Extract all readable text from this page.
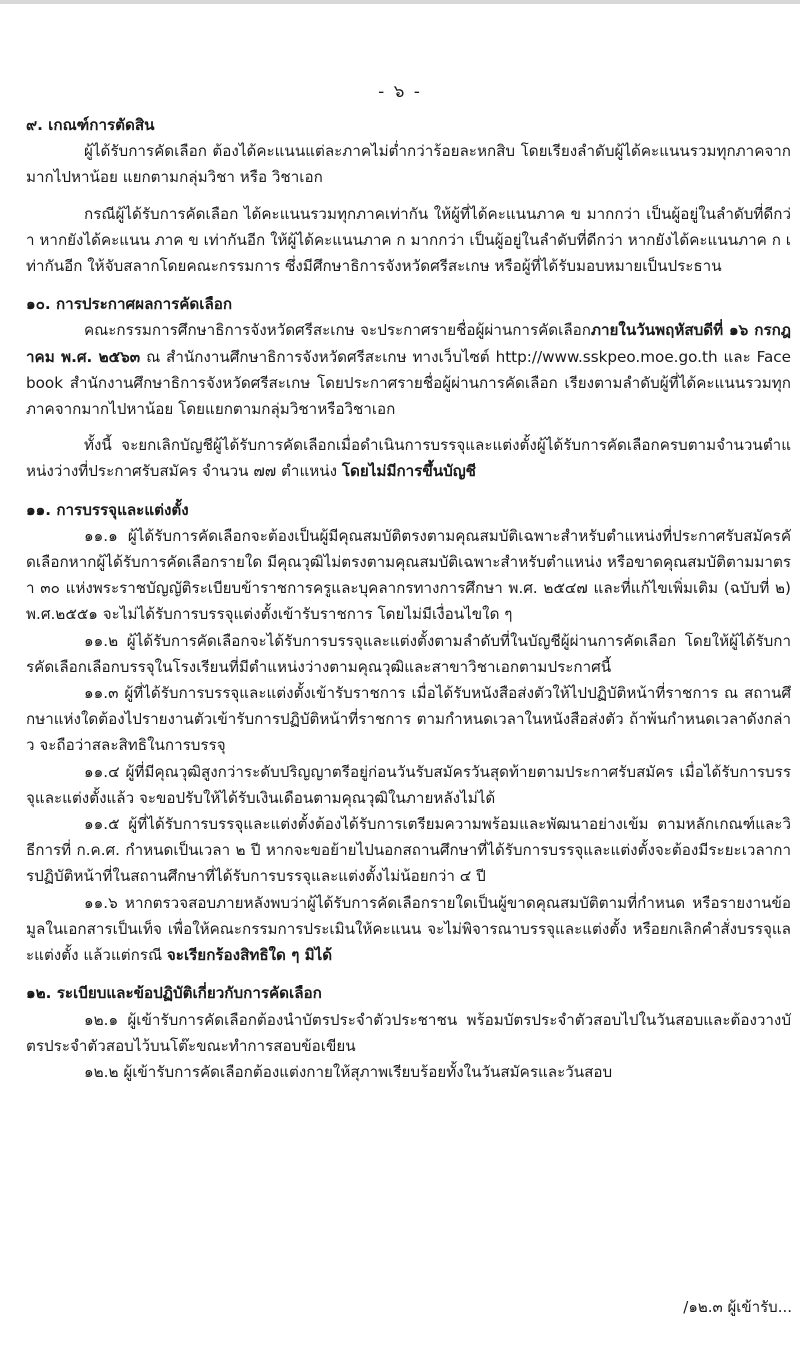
- ๖ -

๙. เกณฑ์การตัดสิน

ผู้ได้รับการคัดเลือก ต้องได้คะแนนแต่ละภาคไม่ต่ำกว่าร้อยละหกสิบ โดยเรียงลำดับผู้ได้คะแนนรวมทุกภาคจากมากไปหาน้อย แยกตามกลุ่มวิชา หรือ วิชาเอก

กรณีผู้ได้รับการคัดเลือก ได้คะแนนรวมทุกภาคเท่ากัน ให้ผู้ที่ได้คะแนนภาค ข มากกว่า เป็นผู้อยู่ในลำดับที่ดีกว่า หากยังได้คะแนน ภาค ข เท่ากันอีก ให้ผู้ได้คะแนนภาค ก มากกว่า เป็นผู้อยู่ในลำดับที่ดีกว่า หากยังได้คะแนนภาค ก เท่ากันอีก ให้จับสลากโดยคณะกรรมการ ซึ่งมีศึกษาธิการจังหวัดศรีสะเกษ หรือผู้ที่ได้รับมอบหมายเป็นประธาน

๑๐. การประกาศผลการคัดเลือก

คณะกรรมการศึกษาธิการจังหวัดศรีสะเกษ จะประกาศรายชื่อผู้ผ่านการคัดเลือกภายในวันพฤหัสบดีที่ ๑๖ กรกฎาคม พ.ศ. ๒๕๖๓ ณ สำนักงานศึกษาธิการจังหวัดศรีสะเกษ ทางเว็บไซต์ http://www.sskpeo.moe.go.th และ Facebook สำนักงานศึกษาธิการจังหวัดศรีสะเกษ โดยประกาศรายชื่อผู้ผ่านการคัดเลือก เรียงตามลำดับผู้ที่ได้คะแนนรวมทุกภาคจากมากไปหาน้อย โดยแยกตามกลุ่มวิชาหรือวิชาเอก

ทั้งนี้ จะยกเลิกบัญชีผู้ได้รับการคัดเลือกเมื่อดำเนินการบรรจุและแต่งตั้งผู้ได้รับการคัดเลือกครบตามจำนวนตำแหน่งว่างที่ประกาศรับสมัคร จำนวน ๗๗ ตำแหน่ง โดยไม่มีการขึ้นบัญชี

๑๑. การบรรจุและแต่งตั้ง

๑๑.๑ ผู้ได้รับการคัดเลือกจะต้องเป็นผู้มีคุณสมบัติตรงตามคุณสมบัติเฉพาะสำหรับตำแหน่งที่ประกาศรับสมัครคัดเลือกหากผู้ได้รับการคัดเลือกรายใด มีคุณวุฒิไม่ตรงตามคุณสมบัติเฉพาะสำหรับตำแหน่ง หรือขาดคุณสมบัติตามมาตรา ๓๐ แห่งพระราชบัญญัติระเบียบข้าราชการครูและบุคลากรทางการศึกษา พ.ศ. ๒๕๔๗ และที่แก้ไขเพิ่มเติม (ฉบับที่ ๒) พ.ศ.๒๕๕๑ จะไม่ได้รับการบรรจุแต่งตั้งเข้ารับราชการ โดยไม่มีเงื่อนไขใด ๆ

๑๑.๒ ผู้ได้รับการคัดเลือกจะได้รับการบรรจุและแต่งตั้งตามลำดับที่ในบัญชีผู้ผ่านการคัดเลือก โดยให้ผู้ได้รับการคัดเลือกเลือกบรรจุในโรงเรียนที่มีตำแหน่งว่างตามคุณวุฒิและสาขาวิชาเอกตามประกาศนี้

๑๑.๓ ผู้ที่ได้รับการบรรจุและแต่งตั้งเข้ารับราชการ เมื่อได้รับหนังสือส่งตัวให้ไปปฏิบัติหน้าที่ราชการ ณ สถานศึกษาแห่งใดต้องไปรายงานตัวเข้ารับการปฏิบัติหน้าที่ราชการ ตามกำหนดเวลาในหนังสือส่งตัว ถ้าพ้นกำหนดเวลาดังกล่าว จะถือว่าสละสิทธิในการบรรจุ

๑๑.๔ ผู้ที่มีคุณวุฒิสูงกว่าระดับปริญญาตรีอยู่ก่อนวันรับสมัครวันสุดท้ายตามประกาศรับสมัคร เมื่อได้รับการบรรจุและแต่งตั้งแล้ว จะขอปรับให้ได้รับเงินเดือนตามคุณวุฒิในภายหลังไม่ได้

๑๑.๕ ผู้ที่ได้รับการบรรจุและแต่งตั้งต้องได้รับการเตรียมความพร้อมและพัฒนาอย่างเข้ม ตามหลักเกณฑ์และวิธีการที่ ก.ค.ศ. กำหนดเป็นเวลา ๒ ปี หากจะขอย้ายไปนอกสถานศึกษาที่ได้รับการบรรจุและแต่งตั้งจะต้องมีระยะเวลาการปฏิบัติหน้าที่ในสถานศึกษาที่ได้รับการบรรจุและแต่งตั้งไม่น้อยกว่า ๔ ปี

๑๑.๖ หากตรวจสอบภายหลังพบว่าผู้ได้รับการคัดเลือกรายใดเป็นผู้ขาดคุณสมบัติตามที่กำหนด หรือรายงานข้อมูลในเอกสารเป็นเท็จ เพื่อให้คณะกรรมการประเมินให้คะแนน จะไม่พิจารณาบรรจุและแต่งตั้ง หรือยกเลิกคำสั่งบรรจุและแต่งตั้ง แล้วแต่กรณี จะเรียกร้องสิทธิใด ๆ มิได้

๑๒. ระเบียบและข้อปฏิบัติเกี่ยวกับการคัดเลือก

๑๒.๑ ผู้เข้ารับการคัดเลือกต้องนำบัตรประจำตัวประชาชน พร้อมบัตรประจำตัวสอบไปในวันสอบและต้องวางบัตรประจำตัวสอบไว้บนโต๊ะขณะทำการสอบข้อเขียน

๑๒.๒ ผู้เข้ารับการคัดเลือกต้องแต่งกายให้สุภาพเรียบร้อยทั้งในวันสมัครและวันสอบ

/๑๒.๓ ผู้เข้ารับ...
